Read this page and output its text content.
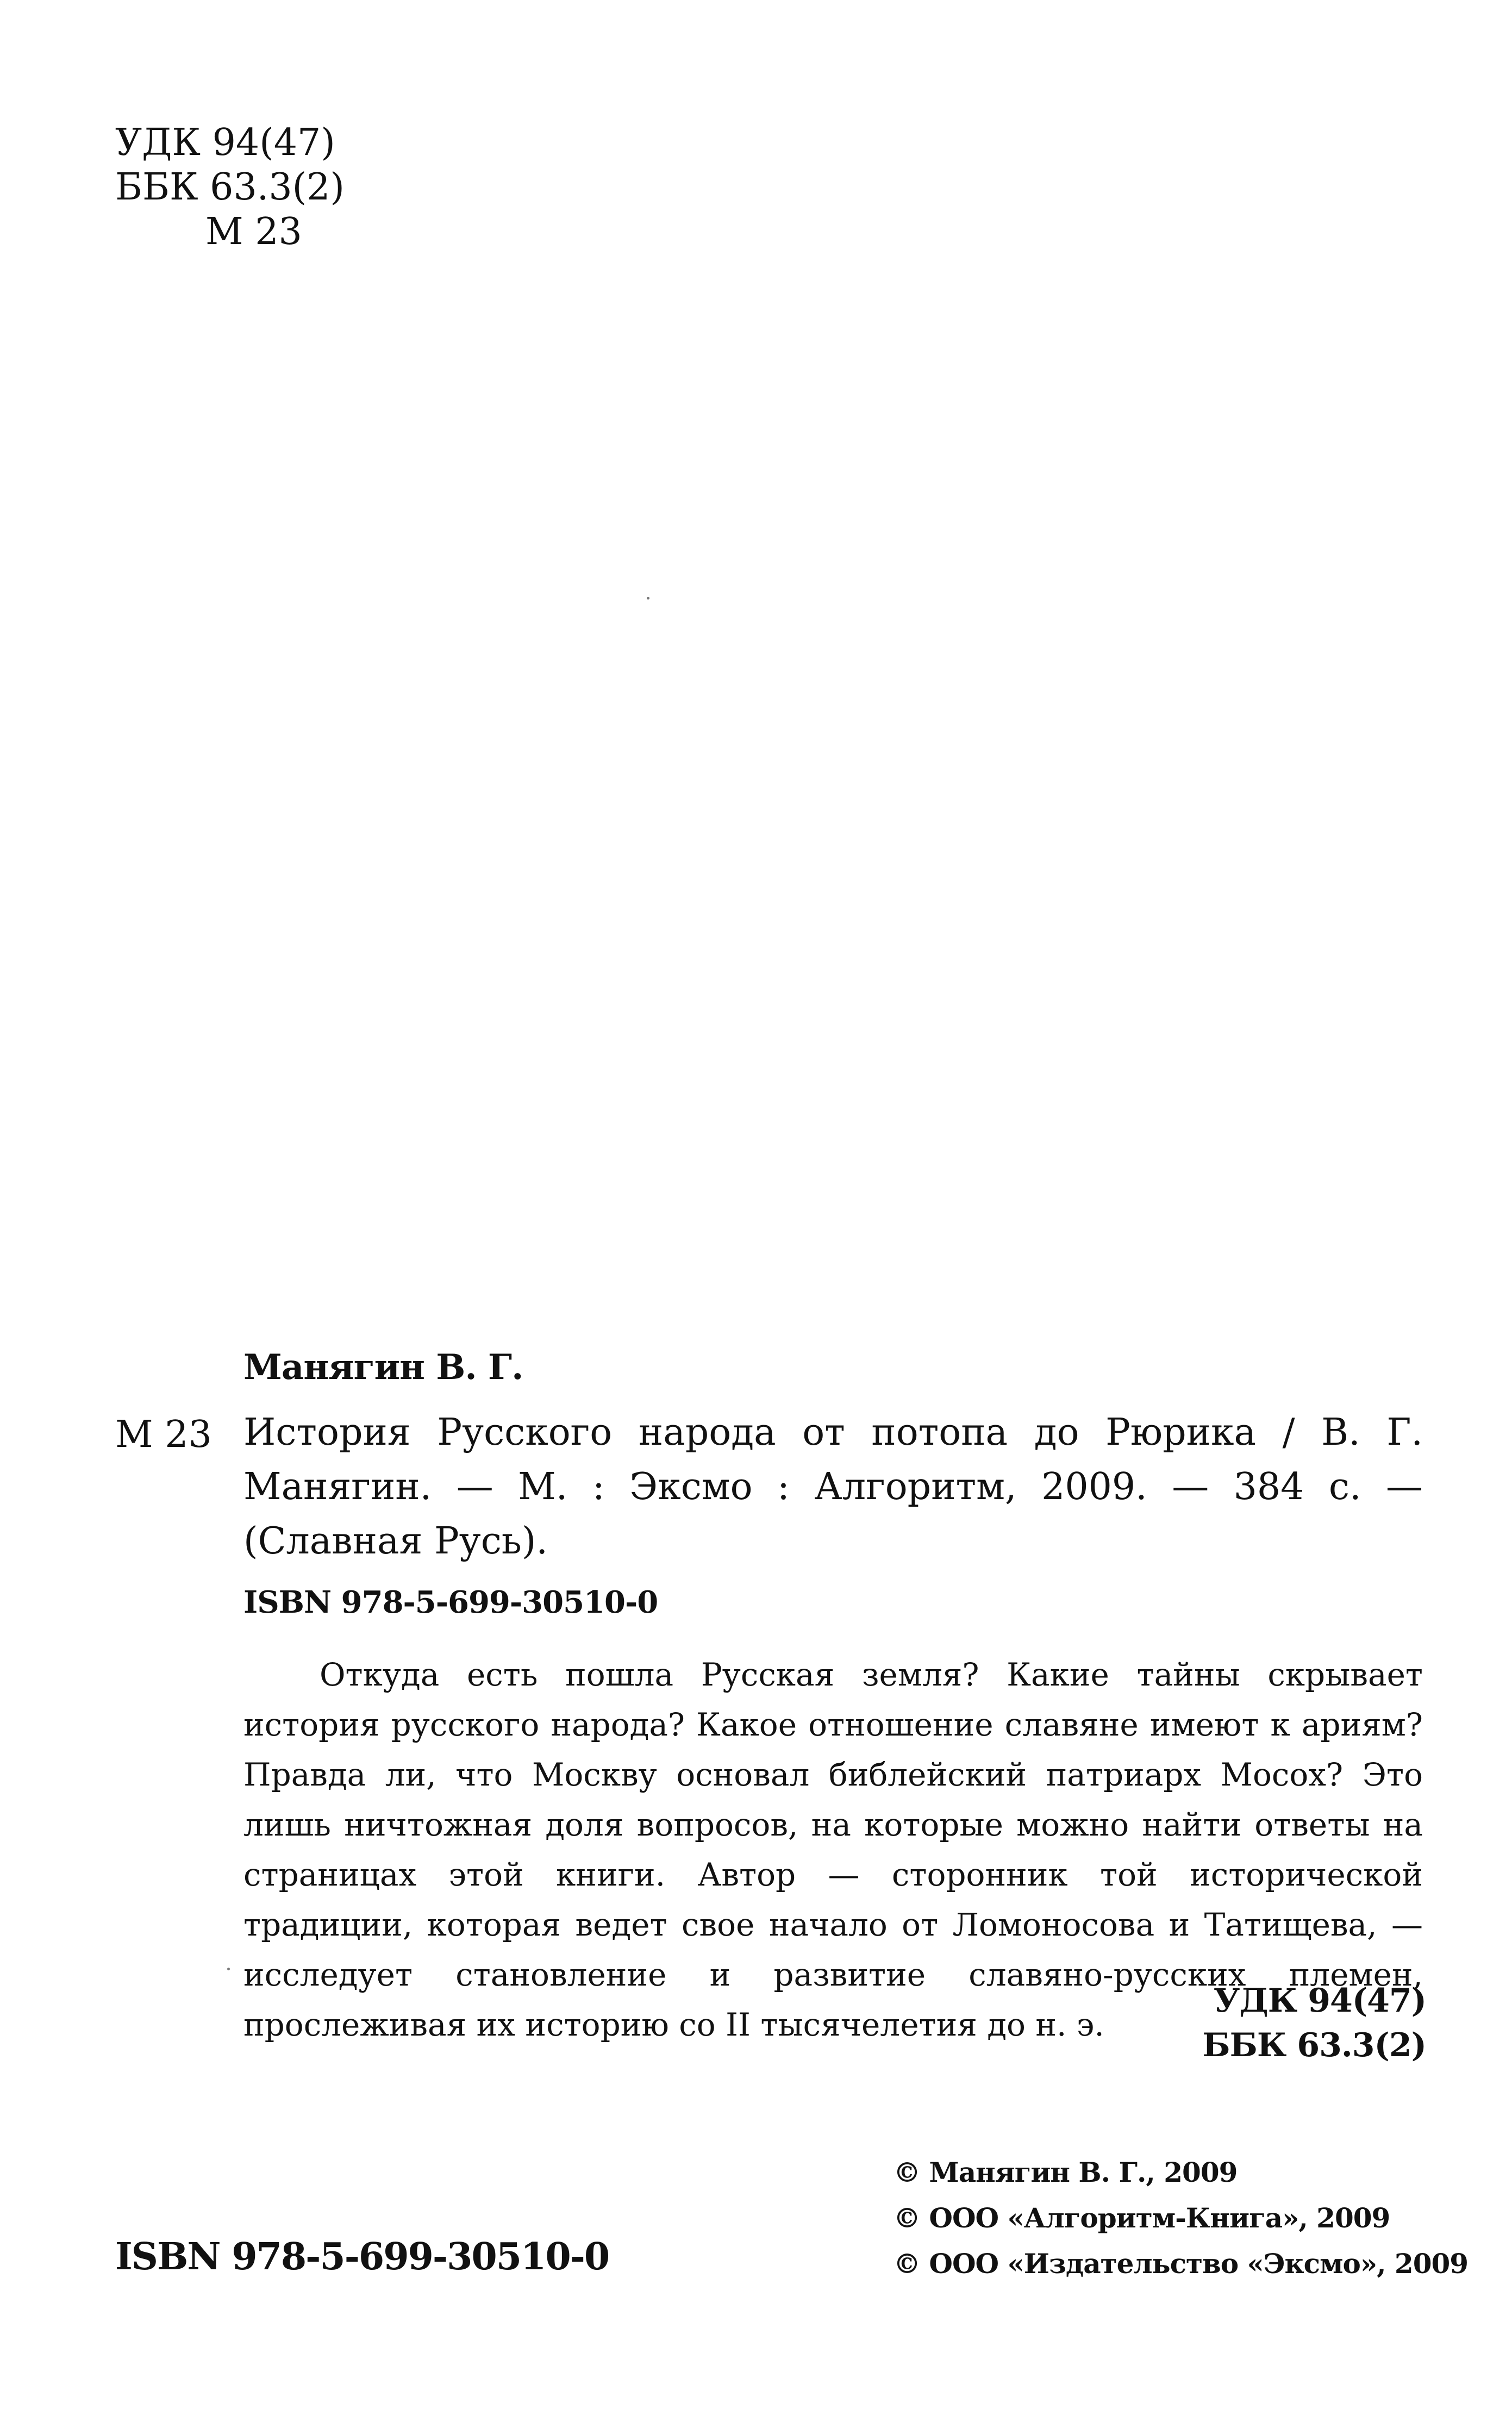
УДК 94(47)
ББК 63.3(2)
М 23
Манягин В. Г.
М 23 История Русского народа от потопа до Рюрика / В. Г. Манягин. — М. : Эксмо : Алгоритм, 2009. — 384 с. — (Славная Русь).
ISBN 978-5-699-30510-0
Откуда есть пошла Русская земля? Какие тайны скрывает история русского народа? Какое отношение славяне имеют к ариям? Правда ли, что Москву основал библейский патриарх Мосох? Это лишь ничтожная доля вопросов, на которые можно найти ответы на страницах этой книги. Автор — сторонник той исторической традиции, которая ведет свое начало от Ломоносова и Татищева, — исследует становление и развитие славяно-русских племен, прослеживая их историю со II тысячелетия до н. э.
УДК 94(47)
ББК 63.3(2)
© Манягин В. Г., 2009
© ООО «Алгоритм-Книга», 2009
© ООО «Издательство «Эксмо», 2009
ISBN 978-5-699-30510-0
